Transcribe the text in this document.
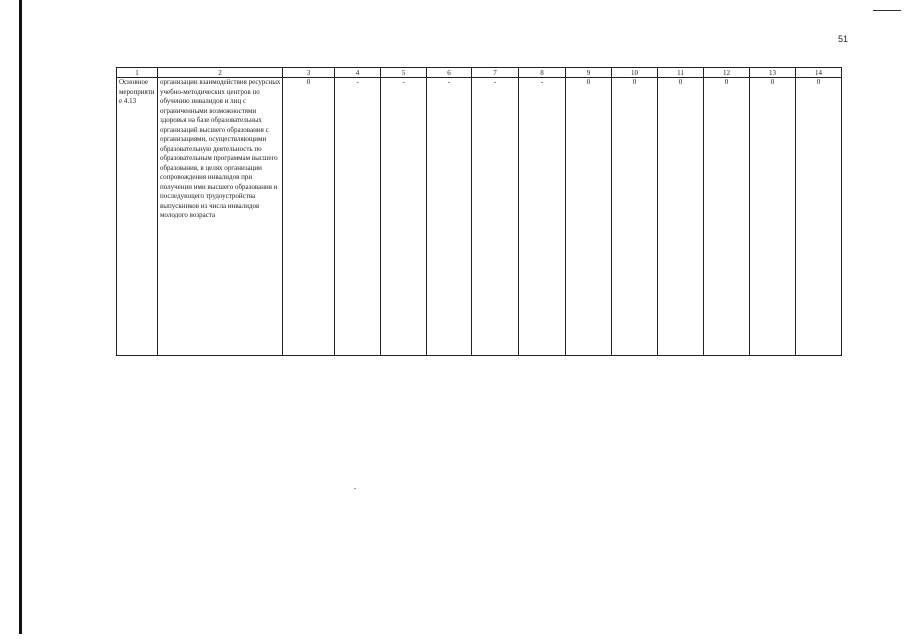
51
1	2	3	4	5	6	7	8	9	10	11	12	13	14

Основное мероприятие 4.13	организации взаимодействия ресурсных учебно-методических центров по обучению инвалидов и лиц с ограниченными возможностями здоровья на базе образовательных организаций высшего образования с организациями, осуществляющими образовательную деятельность по образовательным программам высшего образования, в целях организации сопровождения инвалидов при получении ими высшего образования и последующего трудоустройства выпускников из числа инвалидов молодого возраста	0	-	-	-	-	-	0	0	0	0	0	0
